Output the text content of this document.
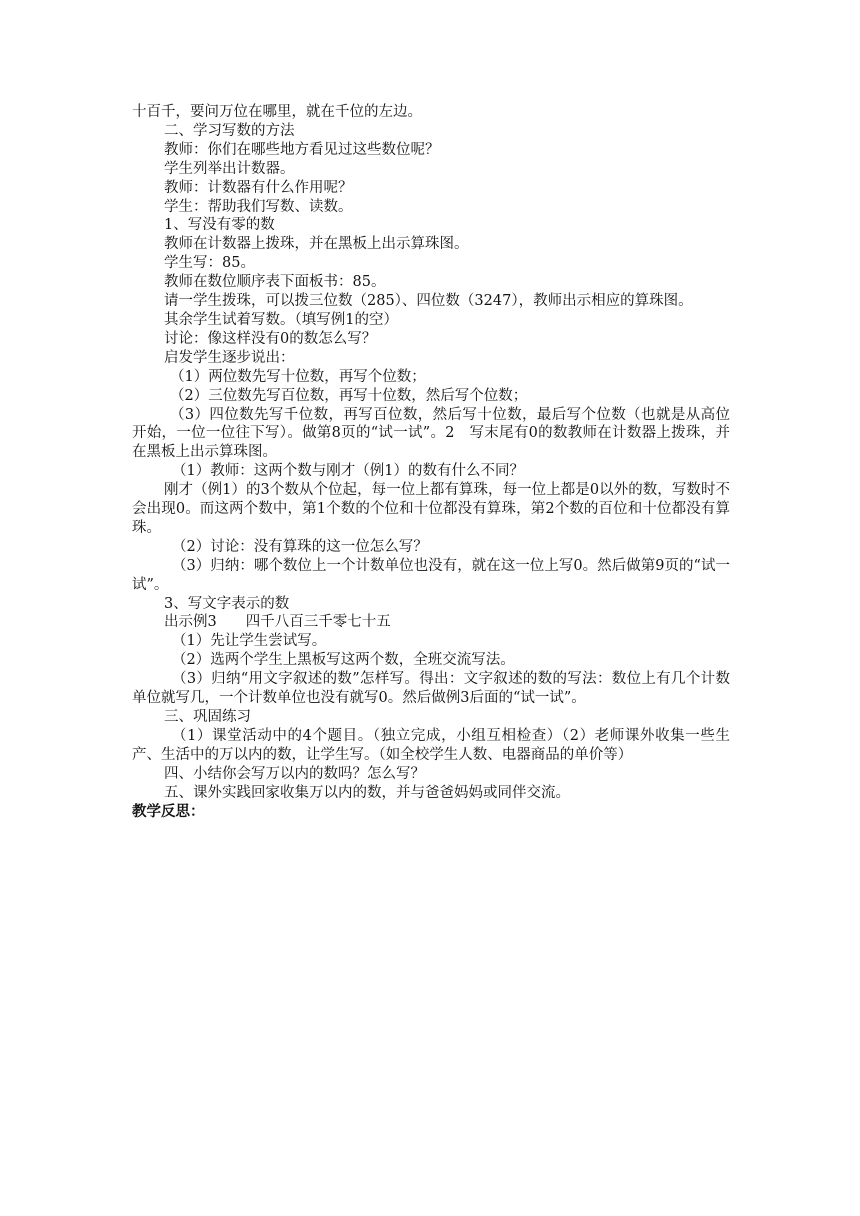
十百千，要问万位在哪里，就在千位的左边。

二、学习写数的方法

教师：你们在哪些地方看见过这些数位呢？

学生列举出计数器。

教师：计数器有什么作用呢？

学生：帮助我们写数、读数。

1、写没有零的数

教师在计数器上拨珠，并在黑板上出示算珠图。

学生写：85。

教师在数位顺序表下面板书：85。

请一学生拨珠，可以拨三位数（285）、四位数（3247），教师出示相应的算珠图。

其余学生试着写数。（填写例1的空）

讨论：像这样没有0的数怎么写？

启发学生逐步说出：

（1）两位数先写十位数，再写个位数；

（2）三位数先写百位数，再写十位数，然后写个位数；

（3）四位数先写千位数，再写百位数，然后写十位数，最后写个位数（也就是从高位开始，一位一位往下写）。做第8页的“试一试”。2　写末尾有0的数教师在计数器上拨珠，并在黑板上出示算珠图。

（1）教师：这两个数与刚才（例1）的数有什么不同？

刚才（例1）的3个数从个位起，每一位上都有算珠，每一位上都是0以外的数，写数时不会出现0。而这两个数中，第1个数的个位和十位都没有算珠，第2个数的百位和十位都没有算珠。

（2）讨论：没有算珠的这一位怎么写？

（3）归纳：哪个数位上一个计数单位也没有，就在这一位上写0。然后做第9页的“试一试”。

3、写文字表示的数

出示例3　　四千八百三千零七十五

（1）先让学生尝试写。

（2）选两个学生上黑板写这两个数，全班交流写法。

（3）归纳“用文字叙述的数”怎样写。得出：文字叙述的数的写法：数位上有几个计数单位就写几，一个计数单位也没有就写0。然后做例3后面的“试一试”。

三、巩固练习

（1）课堂活动中的4个题目。（独立完成，小组互相检查）（2）老师课外收集一些生产、生活中的万以内的数，让学生写。（如全校学生人数、电器商品的单价等）

四、小结你会写万以内的数吗？怎么写？

五、课外实践回家收集万以内的数，并与爸爸妈妈或同伴交流。

教学反思：
